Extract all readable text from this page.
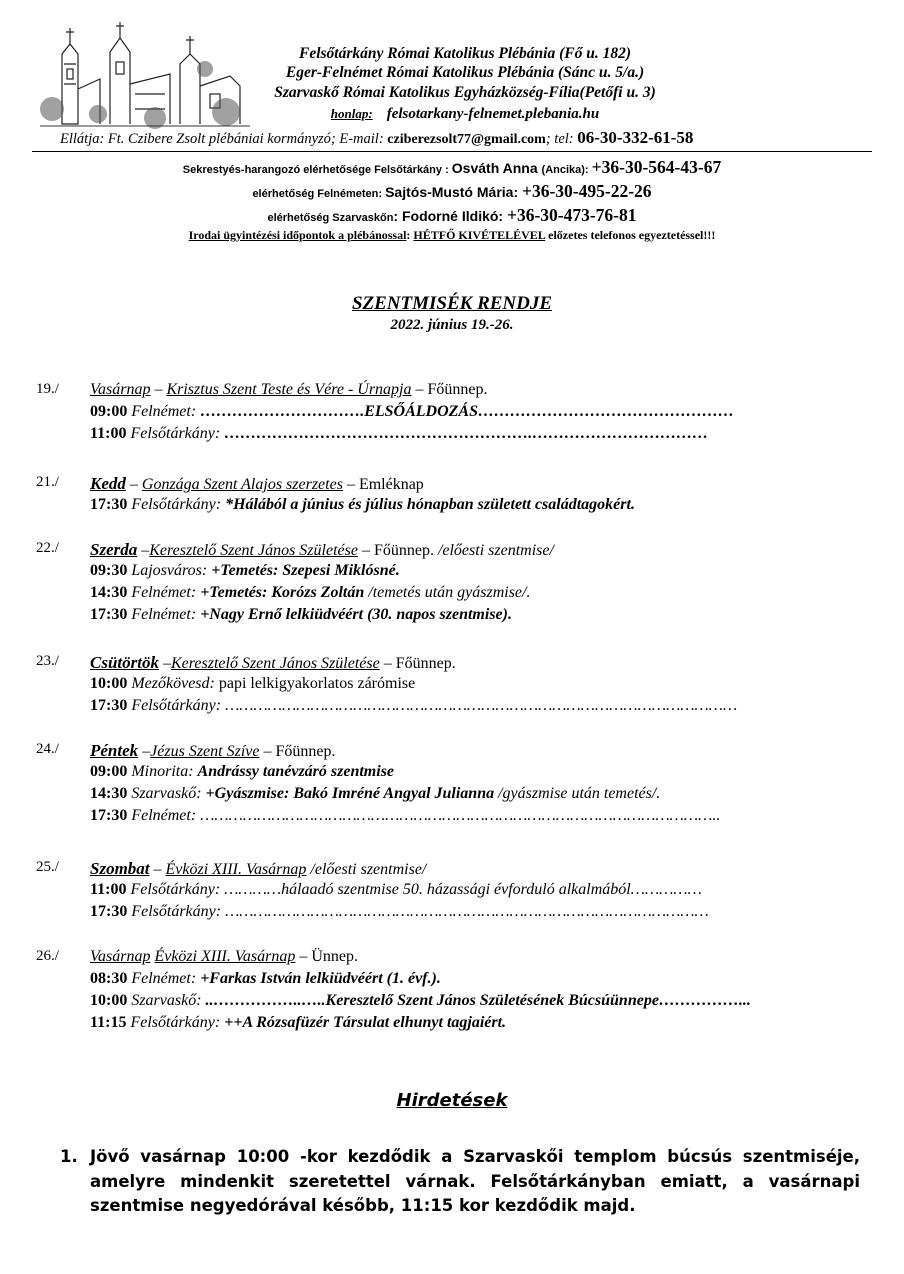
Felsőtárkány Római Katolikus Plébánia (Fő u. 182)
Eger-Felnémet Római Katolikus Plébánia (Sánc u. 5/a.)
Szarvaskő Római Katolikus Egyházközség-Fília(Petőfi u. 3)
honlap: felsotarkany-felnemet.plebania.hu
Ellátja: Ft. Czibere Zsolt plébániai kormányzó; E-mail: cziberezsolt77@gmail.com; tel: 06-30-332-61-58
Sekrestyés-harangozó elérhetősége Felsőtárkány : Osváth Anna (Ancika): +36-30-564-43-67
elérhetőség Felnémeten: Sajtós-Mustó Mária: +36-30-495-22-26
elérhetőség Szarvaskőn: Fodorné Ildikó: +36-30-473-76-81
Irodai ügyintézési időpontok a plébánossal: HÉTFŐ KIVÉTELÉVEL előzetes telefonos egyeztetéssel!!!
SZENTMISÉK RENDJE
2022. június 19.-26.
19./ Vasárnap – Krisztus Szent Teste és Vére - Úrnapja – Főünnep.
09:00 Felnémet: ………………………….ELSŐÁLDOZÁS…………………………………………
11:00 Felsőtárkány: ………………………………………………….……………………………
21./ Kedd – Gonzága Szent Alajos szerzetes – Emléknap
17:30 Felsőtárkány: *Hálából a június és július hónapban született családtagokért.
22./ Szerda –Keresztelő Szent János Születése – Főünnep. /előesti szentmise/
09:30 Lajosváros: +Temetés: Szepesi Miklósné.
14:30 Felnémet: +Temetés: Korózs Zoltán /temetés után gyászmise/.
17:30 Felnémet: +Nagy Ernő lelkiüdvéért (30. napos szentmise).
23./ Csütörtök –Keresztelő Szent János Születése – Főünnep.
10:00 Mezőkövesd: papi lelkigyakorlatos zárómise
17:30 Felsőtárkány: ………………………………………………………………………………………………
24./ Péntek –Jézus Szent Szíve – Főünnep.
09:00 Minorita: Andrássy tanévzáró szentmise
14:30 Szarvaskő: +Gyászmise: Bakó Imréné Angyal Julianna /gyászmise után temetés/.
17:30 Felnémet: ………………………………………………………………………………………………..
25./ Szombat – Évközi XIII. Vasárnap /előesti szentmise/
11:00 Felsőtárkány: …………hálaadó szentmise 50. házassági évforduló alkalmából……………
17:30 Felsőtárkány: …………………………………………………………………………………………
26./ Vasárnap Évközi XIII. Vasárnap – Ünnep.
08:30 Felnémet: +Farkas István lelkiüdvéért (1. évf.).
10:00 Szarvaskő: ..……………..…..Keresztelő Szent János Születésének Búcsúünnepe……………...
11:15 Felsőtárkány: ++A Rózsafüzér Társulat elhunyt tagjaiért.
Hirdetések
1. Jövő vasárnap 10:00 -kor kezdődik a Szarvaskői templom búcsús szentmiséje, amelyre mindenkit szeretettel várnak. Felsőtárkányban emiatt, a vasárnapi szentmise negyedórával később, 11:15 kor kezdődik majd.
